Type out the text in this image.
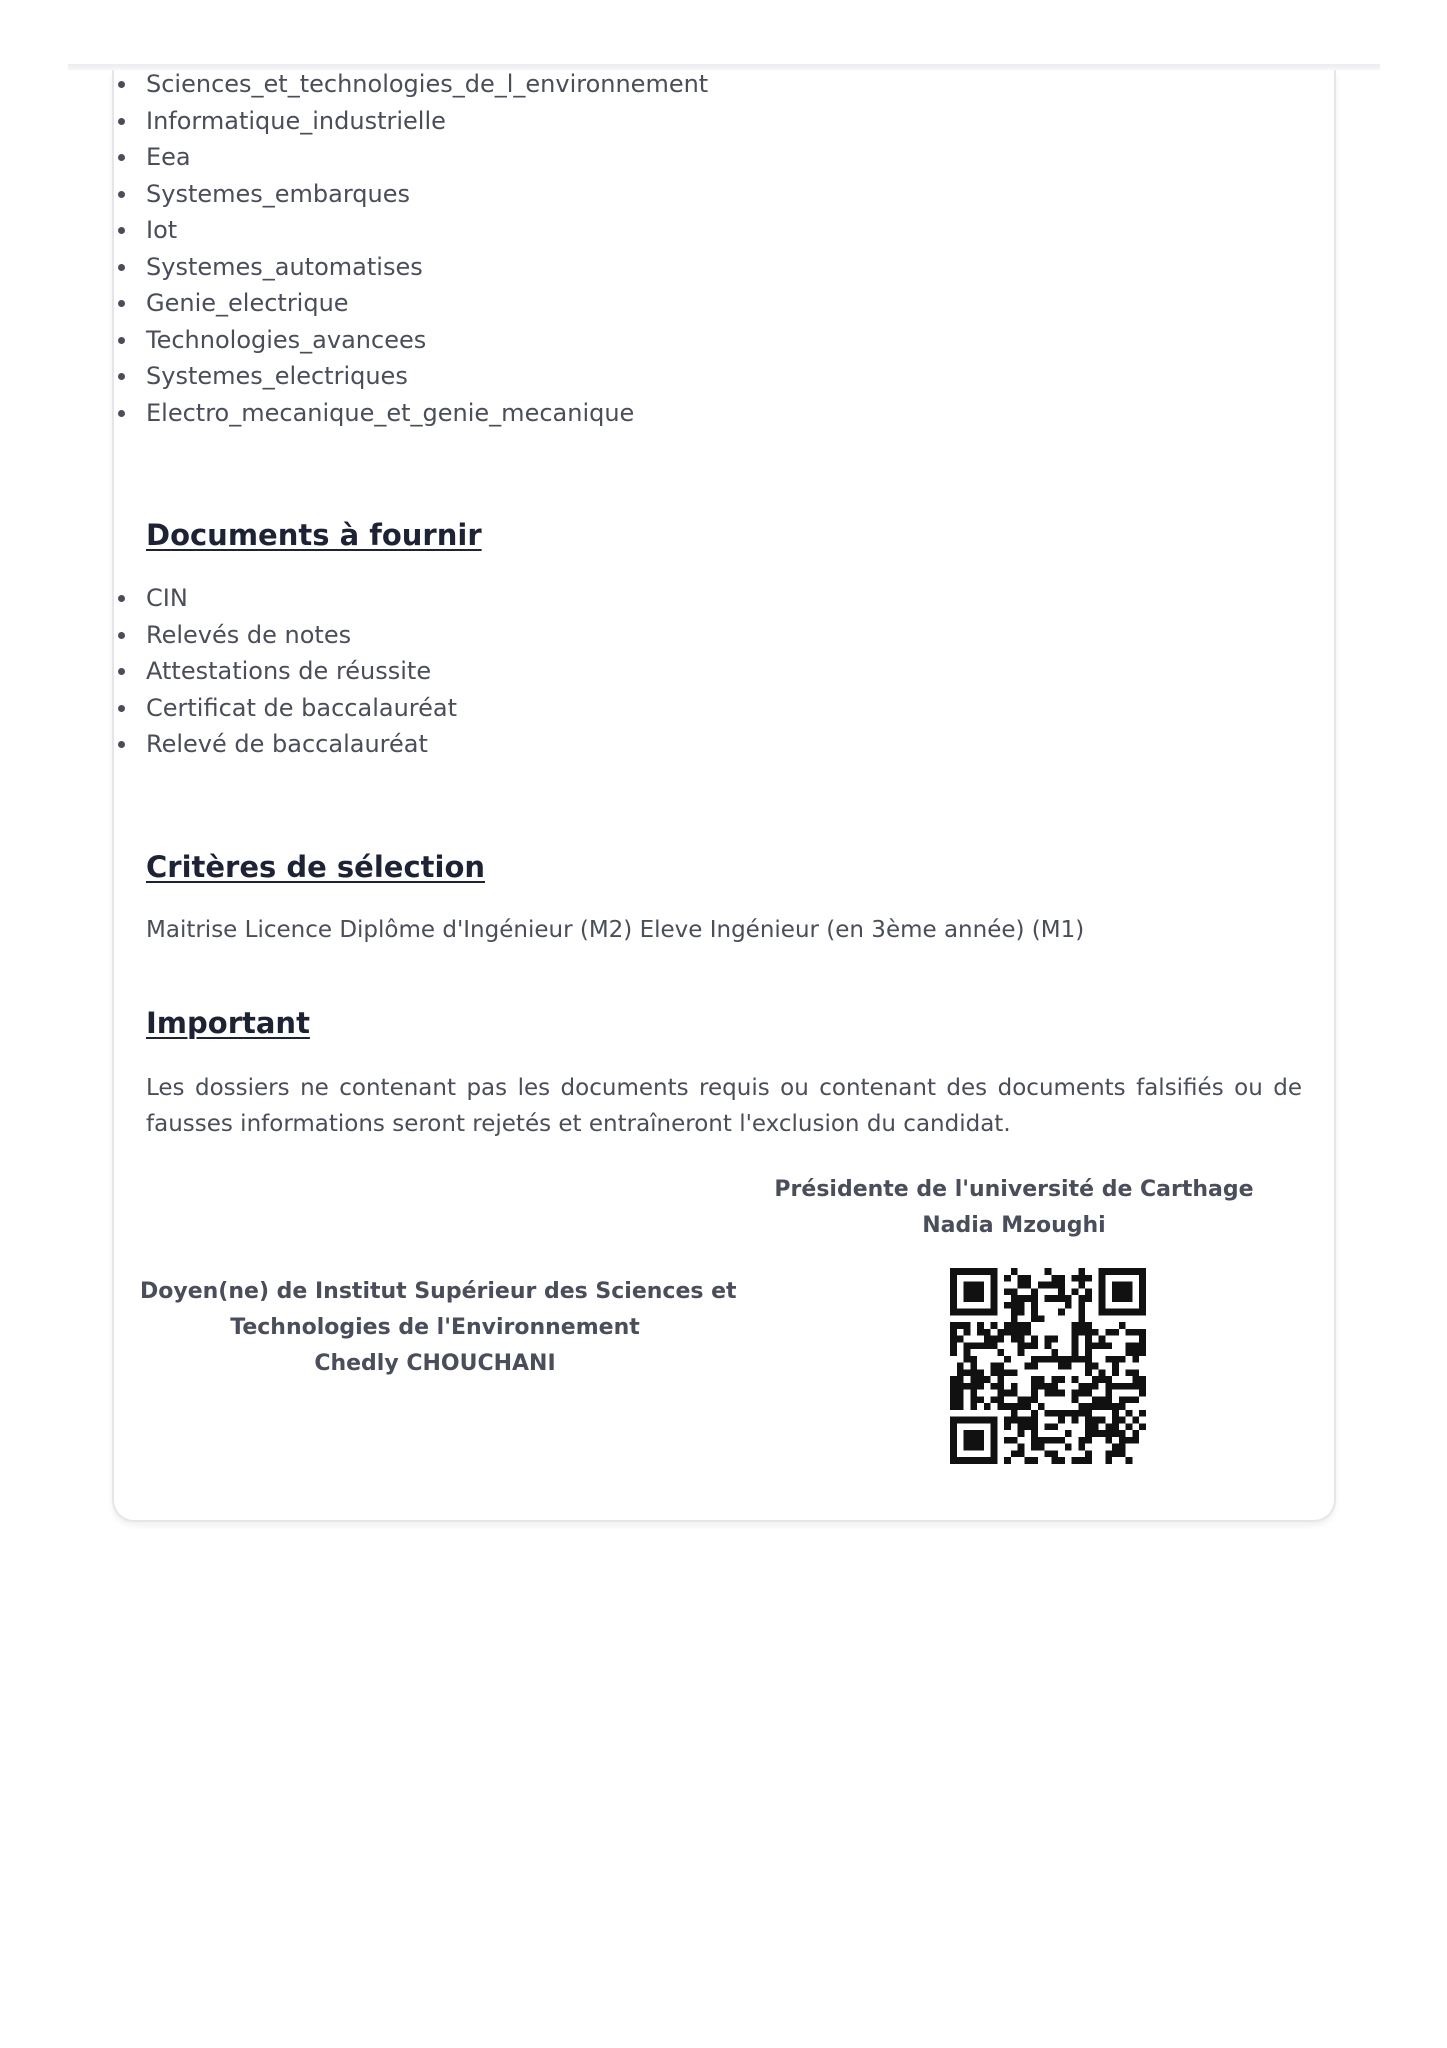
Sciences_et_technologies_de_l_environnement
Informatique_industrielle
Eea
Systemes_embarques
Iot
Systemes_automatises
Genie_electrique
Technologies_avancees
Systemes_electriques
Electro_mecanique_et_genie_mecanique
Documents à fournir
CIN
Relevés de notes
Attestations de réussite
Certificat de baccalauréat
Relevé de baccalauréat
Critères de sélection

Maitrise Licence Diplôme d'Ingénieur (M2) Eleve Ingénieur (en 3ème année) (M1)

Important

Les dossiers ne contenant pas les documents requis ou contenant des documents falsifiés ou de fausses informations seront rejetés et entraîneront l'exclusion du candidat.

Présidente de l'université de Carthage
Nadia Mzoughi
Doyen(ne) de Institut Supérieur des Sciences et
Technologies de l'Environnement
Chedly CHOUCHANI
